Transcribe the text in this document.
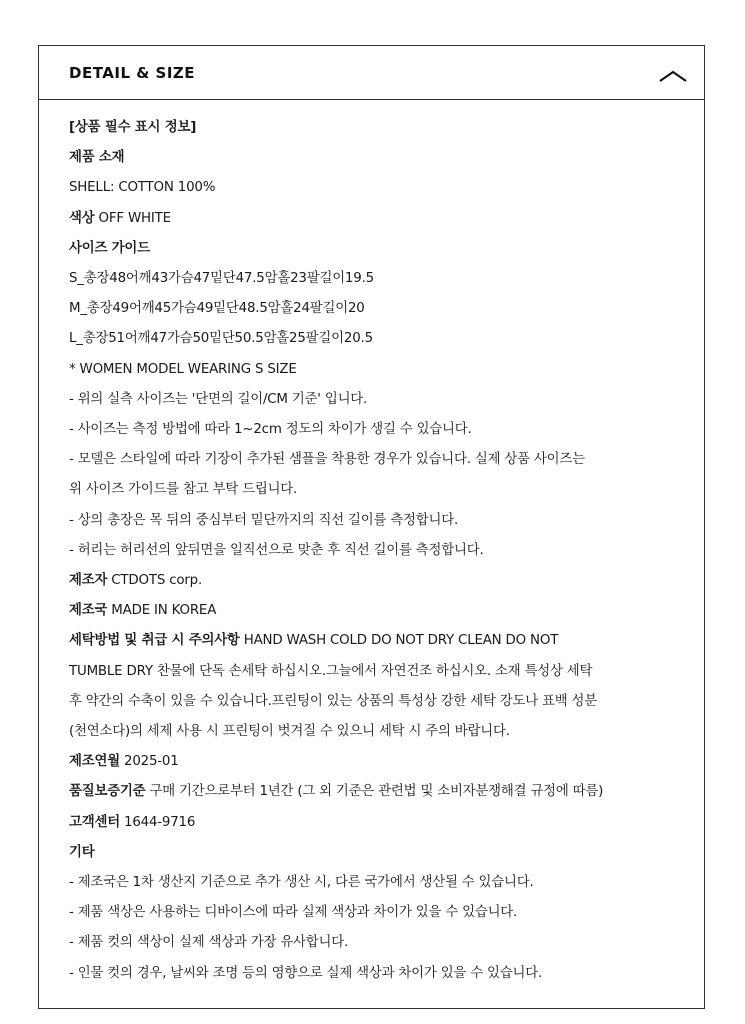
DETAIL & SIZE

[상품 필수 표시 정보]

제품 소재

SHELL: COTTON 100%

색상 OFF WHITE

사이즈 가이드

S_총장48어깨43가슴47밑단47.5암홀23팔길이19.5

M_총장49어깨45가슴49밑단48.5암홀24팔길이20

L_총장51어깨47가슴50밑단50.5암홀25팔길이20.5

* WOMEN MODEL WEARING S SIZE

- 위의 실측 사이즈는 '단면의 길이/CM 기준' 입니다.

- 사이즈는 측정 방법에 따라 1~2cm 정도의 차이가 생길 수 있습니다.

- 모델은 스타일에 따라 기장이 추가된 샘플을 착용한 경우가 있습니다. 실제 상품 사이즈는

위 사이즈 가이드를 참고 부탁 드립니다.

- 상의 총장은 목 뒤의 중심부터 밑단까지의 직선 길이를 측정합니다.

- 허리는 허리선의 앞뒤면을 일직선으로 맞춘 후 직선 길이를 측정합니다.

제조자 CTDOTS corp.

제조국 MADE IN KOREA

세탁방법 및 취급 시 주의사항 HAND WASH COLD DO NOT DRY CLEAN DO NOT

TUMBLE DRY 찬물에 단독 손세탁 하십시오.그늘에서 자연건조 하십시오. 소재 특성상 세탁

후 약간의 수축이 있을 수 있습니다.프린팅이 있는 상품의 특성상 강한 세탁 강도나 표백 성분

(천연소다)의 세제 사용 시 프린팅이 벗겨질 수 있으니 세탁 시 주의 바랍니다.

제조연월 2025-01

품질보증기준 구매 기간으로부터 1년간 (그 외 기준은 관련법 및 소비자분쟁해결 규정에 따름)

고객센터 1644-9716

기타

- 제조국은 1차 생산지 기준으로 추가 생산 시, 다른 국가에서 생산될 수 있습니다.

- 제품 색상은 사용하는 디바이스에 따라 실제 색상과 차이가 있을 수 있습니다.

- 제품 컷의 색상이 실제 색상과 가장 유사합니다.

- 인물 컷의 경우, 날씨와 조명 등의 영향으로 실제 색상과 차이가 있을 수 있습니다.
